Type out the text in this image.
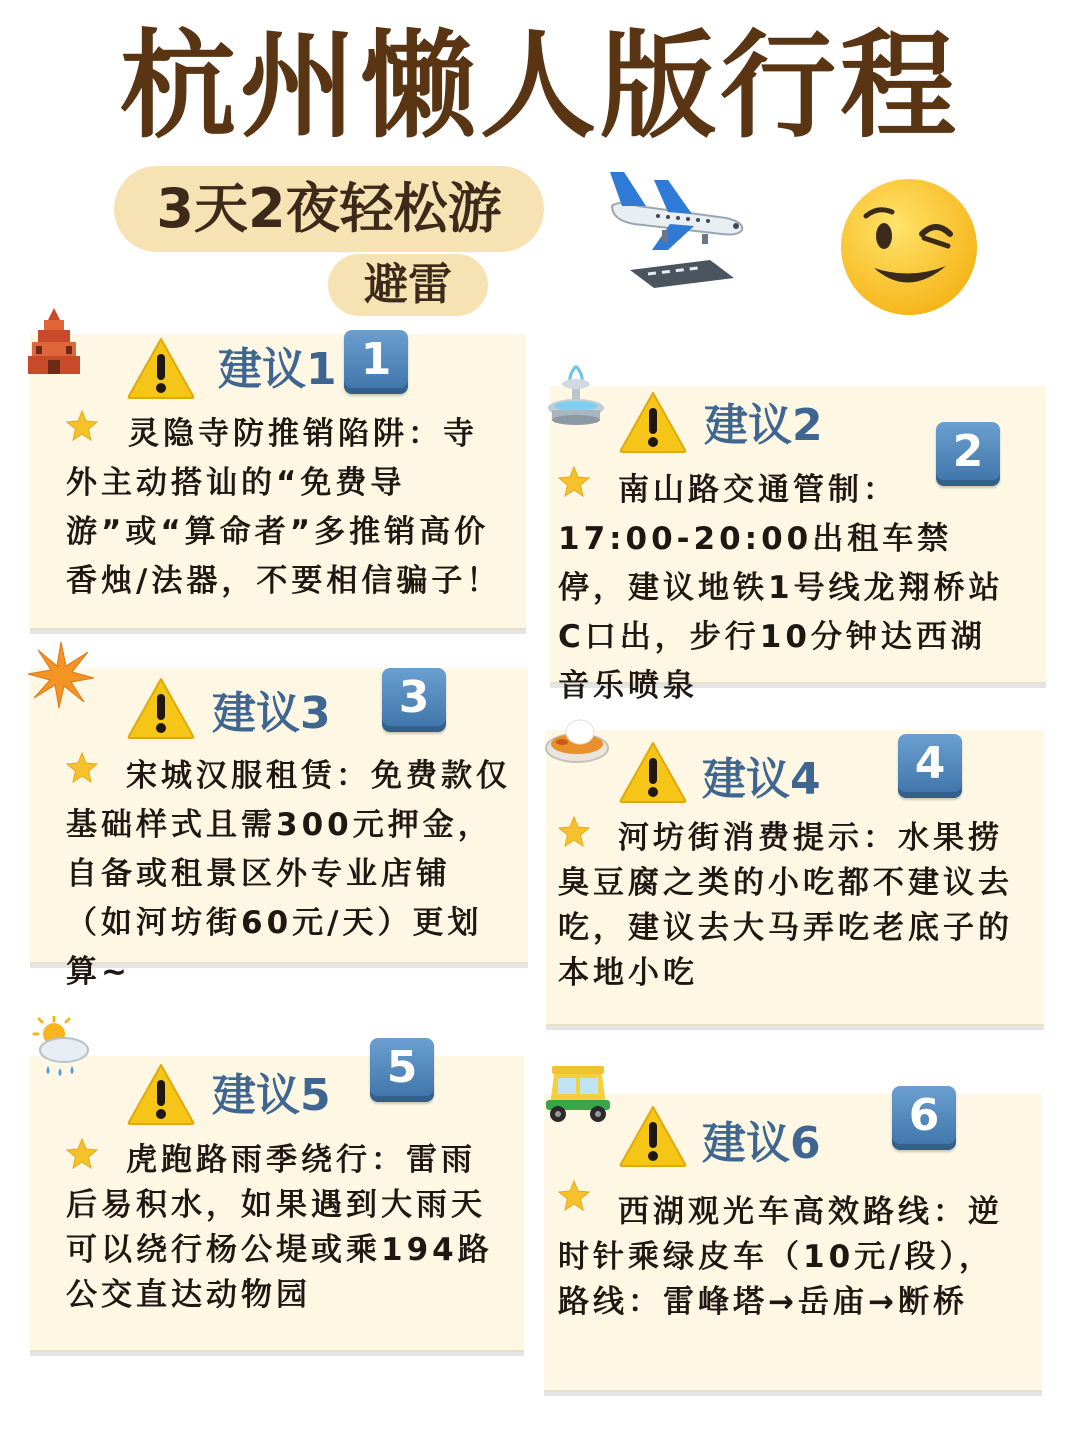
杭州懒人版行程
3天2夜轻松游
避雷
建议1 1
灵隐寺防推销陷阱：寺外主动搭讪的“免费导游”或“算命者”多推销高价香烛/法器，不要相信骗子！
建议2
2
南山路交通管制：17:00-20:00出租车禁停，建议地铁1号线龙翔桥站C口出，步行10分钟达西湖音乐喷泉
建议3	3
宋城汉服租赁：免费款仅基础样式且需300元押金，自备或租景区外专业店铺（如河坊街60元/天）更划算~
建议4	4
河坊街消费提示：水果捞臭豆腐之类的小吃都不建议去吃，建议去大马弄吃老底子的本地小吃
建议5
5
虎跑路雨季绕行：雷雨后易积水，如果遇到大雨天可以绕行杨公堤或乘194路公交直达动物园
建议6
6
西湖观光车高效路线：逆时针乘绿皮车（10元/段），路线：雷峰塔→岳庙→断桥
